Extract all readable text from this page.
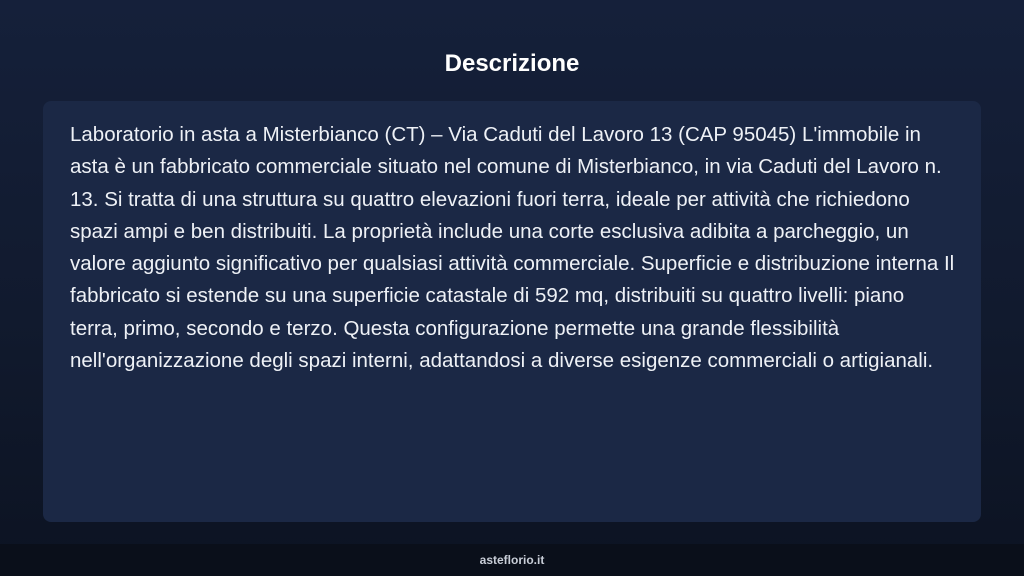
Descrizione

Laboratorio in asta a Misterbianco (CT) – Via Caduti del Lavoro 13 (CAP 95045) L'immobile in asta è un fabbricato commerciale situato nel comune di Misterbianco, in via Caduti del Lavoro n. 13. Si tratta di una struttura su quattro elevazioni fuori terra, ideale per attività che richiedono spazi ampi e ben distribuiti. La proprietà include una corte esclusiva adibita a parcheggio, un valore aggiunto significativo per qualsiasi attività commerciale. Superficie e distribuzione interna Il fabbricato si estende su una superficie catastale di 592 mq, distribuiti su quattro livelli: piano terra, primo, secondo e terzo. Questa configurazione permette una grande flessibilità nell'organizzazione degli spazi interni, adattandosi a diverse esigenze commerciali o artigianali.

asteflorio.it
